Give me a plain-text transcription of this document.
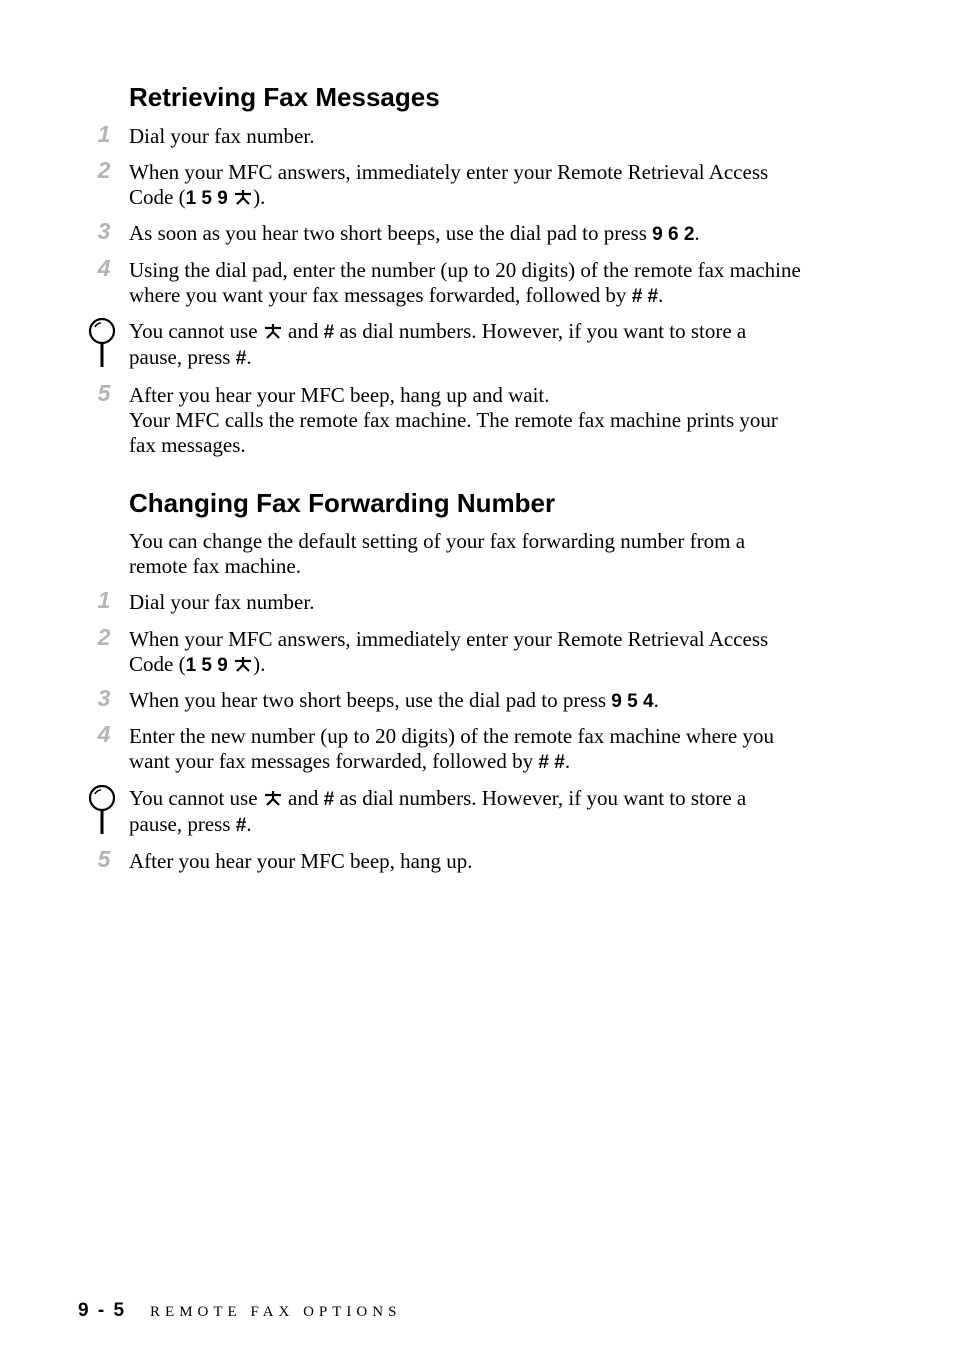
Retrieving Fax Messages
1 Dial your fax number.
2 When your MFC answers, immediately enter your Remote Retrieval Access
Code (1 5 9 ).
3 As soon as you hear two short beeps, use the dial pad to press 9 6 2.
4 Using the dial pad, enter the number (up to 20 digits) of the remote fax machine
where you want your fax messages forwarded, followed by # #.
You cannot use  and # as dial numbers. However, if you want to store a
pause, press #.
5 After you hear your MFC beep, hang up and wait.
Your MFC calls the remote fax machine. The remote fax machine prints your
fax messages.
Changing Fax Forwarding Number
You can change the default setting of your fax forwarding number from a
remote fax machine.
1 Dial your fax number.
2 When your MFC answers, immediately enter your Remote Retrieval Access
Code (1 5 9 ).
3 When you hear two short beeps, use the dial pad to press 9 5 4.
4 Enter the new number (up to 20 digits) of the remote fax machine where you
want your fax messages forwarded, followed by # #.
You cannot use  and # as dial numbers. However, if you want to store a
pause, press #.
5 After you hear your MFC beep, hang up.
9 - 5 REMOTE FAX OPTIONS
